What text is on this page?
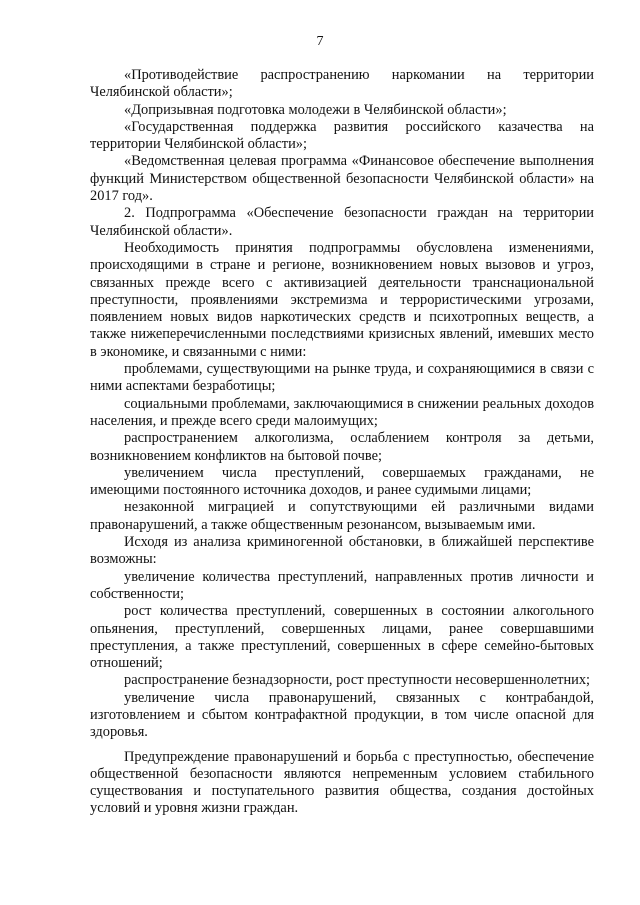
7

«Противодействие распространению наркомании на территории Челябинской области»;

«Допризывная подготовка молодежи в Челябинской области»;

«Государственная поддержка развития российского казачества на территории Челябинской области»;

«Ведомственная целевая программа «Финансовое обеспечение выполнения функций Министерством общественной безопасности Челябинской области» на 2017 год».

2. Подпрограмма «Обеспечение безопасности граждан на территории Челябинской области».

Необходимость принятия подпрограммы обусловлена изменениями, происходящими в стране и регионе, возникновением новых вызовов и угроз, связанных прежде всего с активизацией деятельности транснациональной преступности, проявлениями экстремизма и террористическими угрозами, появлением новых видов наркотических средств и психотропных веществ, а также нижеперечисленными последствиями кризисных явлений, имевших место в экономике, и связанными с ними:

проблемами, существующими на рынке труда, и сохраняющимися в связи с ними аспектами безработицы;

социальными проблемами, заключающимися в снижении реальных доходов населения, и прежде всего среди малоимущих;

распространением алкоголизма, ослаблением контроля за детьми, возникновением конфликтов на бытовой почве;

увеличением числа преступлений, совершаемых гражданами, не имеющими постоянного источника доходов, и ранее судимыми лицами;

незаконной миграцией и сопутствующими ей различными видами правонарушений, а также общественным резонансом, вызываемым ими.

Исходя из анализа криминогенной обстановки, в ближайшей перспективе возможны:

увеличение количества преступлений, направленных против личности и собственности;

рост количества преступлений, совершенных в состоянии алкогольного опьянения, преступлений, совершенных лицами, ранее совершавшими преступления, а также преступлений, совершенных в сфере семейно-бытовых отношений;

распространение безнадзорности, рост преступности несовершеннолетних;

увеличение числа правонарушений, связанных с контрабандой, изготовлением и сбытом контрафактной продукции, в том числе опасной для здоровья.

Предупреждение правонарушений и борьба с преступностью, обеспечение общественной безопасности являются непременным условием стабильного существования и поступательного развития общества, создания достойных условий и уровня жизни граждан.
